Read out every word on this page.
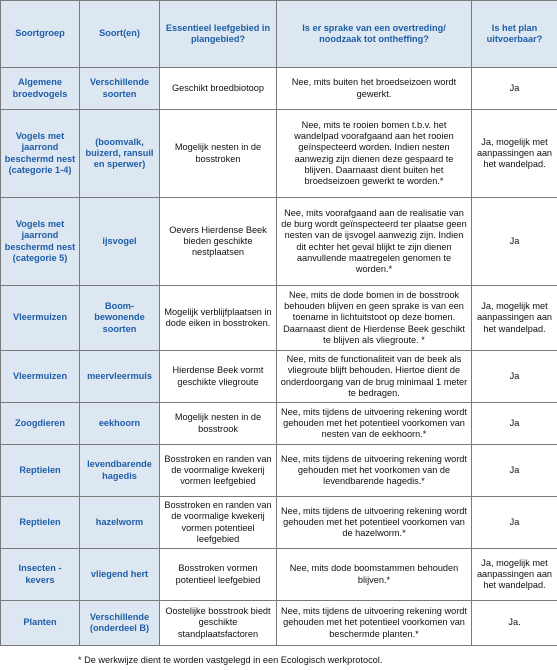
Soortgroep	Soort(en)	Essentieel leefgebied in plangebied?	Is er sprake van een overtreding/ noodzaak tot ontheffing?	Is het plan uitvoerbaar?
Algemene broedvogels	Verschillende soorten	Geschikt broedbiotoop	Nee, mits buiten het broedseizoen wordt gewerkt.	Ja
Vogels met jaarrond beschermd nest (categorie 1-4)	(boomvalk, buizerd, ransuil en sperwer)	Mogelijk nesten in de bosstroken	Nee, mits te rooien bomen t.b.v. het wandelpad voorafgaand aan het rooien geïnspecteerd worden. Indien nesten aanwezig zijn dienen deze gespaard te blijven. Daarnaast dient buiten het broedseizoen gewerkt te worden.*	Ja, mogelijk met aanpassingen aan het wandelpad.
Vogels met jaarrond beschermd nest (categorie 5)	ijsvogel	Oevers Hierdense Beek bieden geschikte nestplaatsen	Nee, mits voorafgaand aan de realisatie van de burg wordt geïnspecteerd ter plaatse geen nesten van de ijsvogel aanwezig zijn. Indien dit echter het geval blijkt te zijn dienen aanvullende maatregelen genomen te worden.*	Ja
Vleermuizen	Boom-bewonende soorten	Mogelijk verblijfplaatsen in dode eiken in bosstroken.	Nee, mits de dode bomen in de bosstrook behouden blijven en geen sprake is van een toename in lichtuitstoot op deze bomen. Daarnaast dient de Hierdense Beek geschikt te blijven als vliegroute. *	Ja, mogelijk met aanpassingen aan het wandelpad.
Vleermuizen	meervleermuis	Hierdense Beek vormt geschikte vliegroute	Nee, mits de functionaliteit van de beek als vliegroute blijft behouden. Hiertoe dient de onderdoorgang van de brug minimaal 1 meter te bedragen.	Ja
Zoogdieren	eekhoorn	Mogelijk nesten in de bosstrook	Nee, mits tijdens de uitvoering rekening wordt gehouden met het potentieel voorkomen van nesten van de eekhoorn.*	Ja
Reptielen	levendbarende hagedis	Bosstroken en randen van de voormalige kwekerij vormen leefgebied	Nee, mits tijdens de uitvoering rekening wordt gehouden met het voorkomen van de levendbarende hagedis.*	Ja
Reptielen	hazelworm	Bosstroken en randen van de voormalige kwekerij vormen potentieel leefgebied	Nee, mits tijdens de uitvoering rekening wordt gehouden met het potentieel voorkomen van de hazelworm.*	Ja
Insecten - kevers	vliegend hert	Bosstroken vormen potentieel leefgebied	Nee, mits dode boomstammen behouden blijven.*	Ja, mogelijk met aanpassingen aan het wandelpad.
Planten	Verschillende (onderdeel B)	Oostelijke bosstrook biedt geschikte standplaatsfactoren	Nee, mits tijdens de uitvoering rekening wordt gehouden met het potentieel voorkomen van beschermde planten.*	Ja.
* De werkwijze dient te worden vastgelegd in een Ecologisch werkprotocol.
